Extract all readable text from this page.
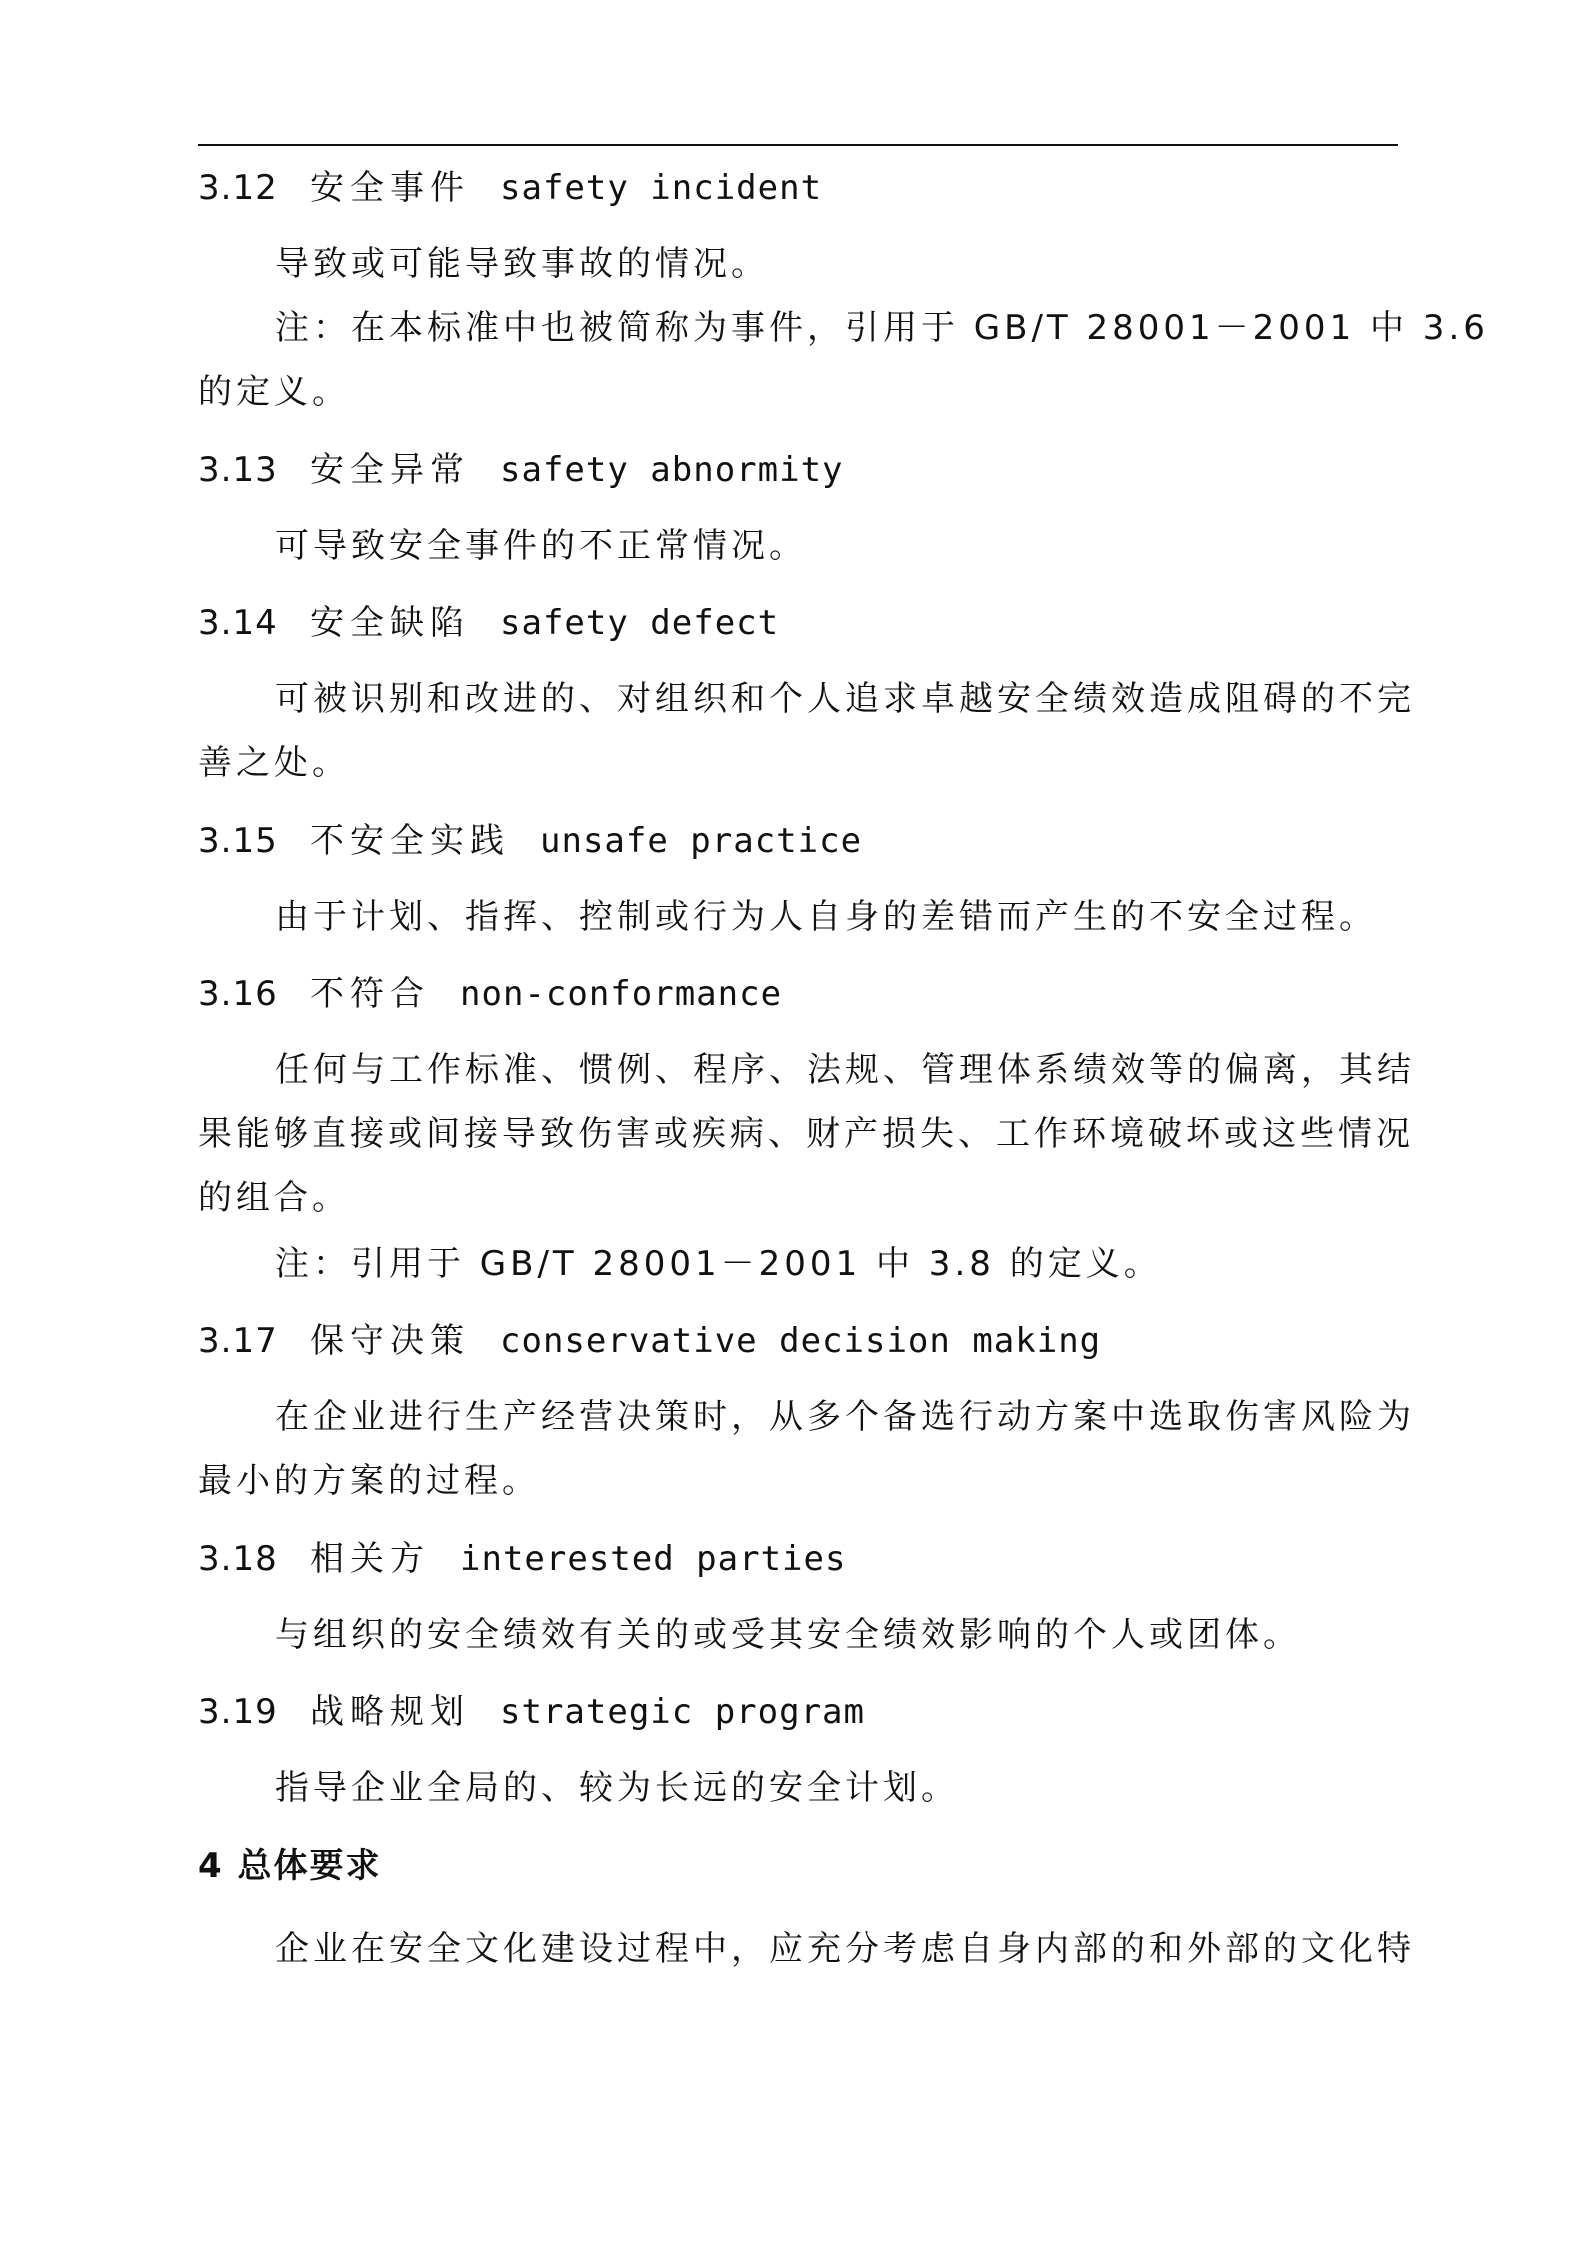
3.12 安全事件 safety incident
导致或可能导致事故的情况。
注：在本标准中也被简称为事件，引用于 GB/T 28001－2001 中 3.6
的定义。
3.13 安全异常 safety abnormity
可导致安全事件的不正常情况。
3.14 安全缺陷 safety defect
可被识别和改进的、对组织和个人追求卓越安全绩效造成阻碍的不完
善之处。
3.15 不安全实践 unsafe practice
由于计划、指挥、控制或行为人自身的差错而产生的不安全过程。
3.16 不符合 non-conformance
任何与工作标准、惯例、程序、法规、管理体系绩效等的偏离，其结
果能够直接或间接导致伤害或疾病、财产损失、工作环境破坏或这些情况
的组合。
注：引用于 GB/T 28001－2001 中 3.8 的定义。
3.17 保守决策 conservative decision making
在企业进行生产经营决策时，从多个备选行动方案中选取伤害风险为
最小的方案的过程。
3.18 相关方 interested parties
与组织的安全绩效有关的或受其安全绩效影响的个人或团体。
3.19 战略规划 strategic program
指导企业全局的、较为长远的安全计划。
4 总体要求
企业在安全文化建设过程中，应充分考虑自身内部的和外部的文化特
